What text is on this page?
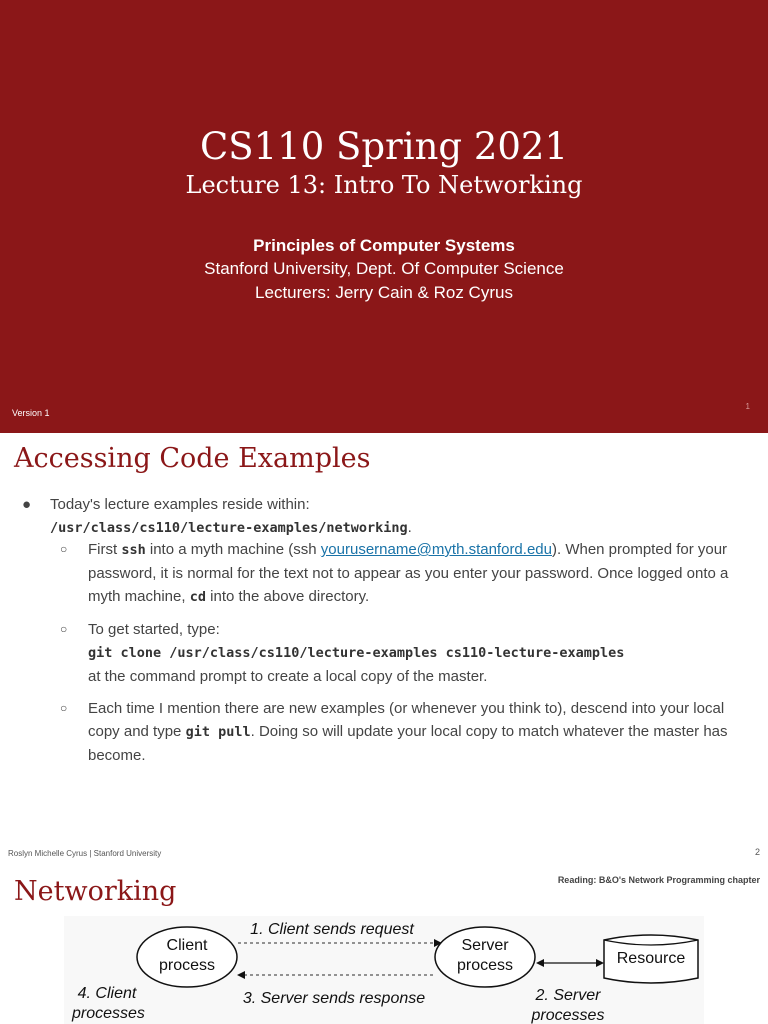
CS110 Spring 2021
Lecture 13: Intro To Networking
Principles of Computer Systems
Stanford University, Dept. Of Computer Science
Lecturers: Jerry Cain & Roz Cyrus
Version 1
1
Accessing Code Examples
● Today's lecture examples reside within:
/usr/class/cs110/lecture-examples/networking.
○ First ssh into a myth machine (ssh yourusername@myth.stanford.edu). When prompted for your password, it is normal for the text not to appear as you enter your password. Once logged onto a myth machine, cd into the above directory.
○ To get started, type:
git clone /usr/class/cs110/lecture-examples cs110-lecture-examples
at the command prompt to create a local copy of the master.
○ Each time I mention there are new examples (or whenever you think to), descend into your local copy and type git pull. Doing so will update your local copy to match whatever the master has become.
Roslyn Michelle Cyrus | Stanford University	2
Networking	Reading: B&O's Network Programming chapter
Client process
Server process	Resource
1. Client sends request
3. Server sends response
4. Client processes
2. Server processes
